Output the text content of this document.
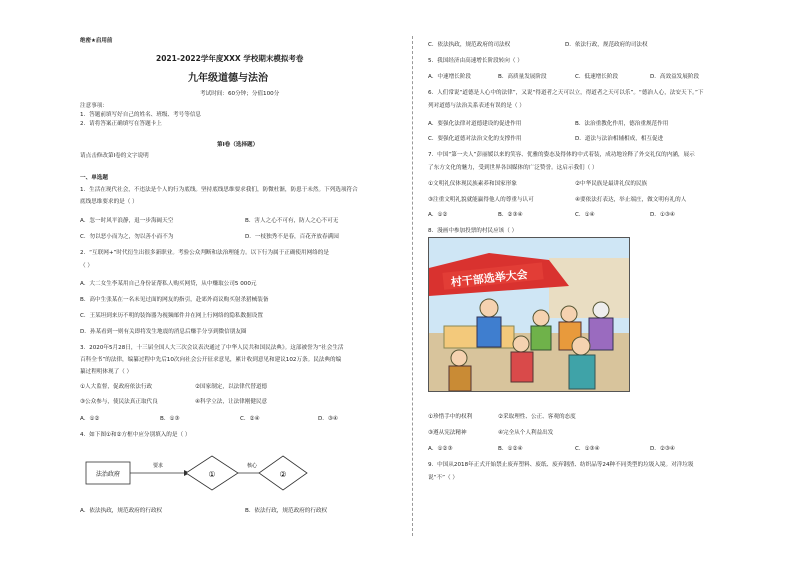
绝密★启用前
2021-2022学年度XXX 学校期末模拟考卷
九年级道德与法治
考试时间：60分钟；分值100分
注意事项：
1．答题前填写好自己的姓名、班级、考号等信息
2．请将答案正确填写在答题卡上
第I卷（选择题）
请点击修改第I卷的文字说明
一、单选题
1．生活在现代社会，不违法是个人的行为底线。坚持底线思维要求我们，防微杜渐，防患于未然。下列选项符合
底线思维要求的是（ ）
A．忽一时风平浪静，退一步海阔天空	B．害人之心不可有，防人之心不可无
C．勿以恶小而为之，勿以善小而不为	D．一枝独秀不是春，百花齐放春满园
2．“互联网+”时代衍生出很多新职业。考验公众判断和法治理能力。以下行为属于正确使用网络的是
（ ）
A．大二女生李某用自己身份证帮私人购买网贷，从中赚取公司5 000元
B．高中生张某在一名未见过面的网友的指引，赴郊外商议购买射杀猎械装备
C．王某坦到来历不明的装饰器为视频邮件并在网上行网络的隐私数据设置
D．孙某看到一则有关即将发生地震的消息后赚手分享到微信朋友圈
3．2020年5月28日，十三届全国人大三次会议表决通过了中华人民共和国民法典》。这部被誉为“社会生活
百科全书”的法律，编纂过程中先后10次向社会公开征求意见，累计收到意见和建议102万条。民法典的编
纂过程明体现了（ ）
①人大监督，促政府依法行政	②国家制定，以法律代替道德
③公众参与，使民法真正取代良	④科学立法，让法律刚健民意
A．①②	B．①③	C．②④	D．③④
4．如下图①和②方框中应分别填入的是（ ）
法治政府
要求
①
核心
②
A．依法执政，规范政府的行政权	B．依法行政，规范政府的行政权
C．依法执政，规范政府的司法权	D．依法行政，规范政府的司法权
5．我国经济由高速增长阶段转向（ ）
A．中速增长阶段	B．高质量发展阶段	C．低速增长阶段	D．高效益发展阶段
6．人们常说“道德是人心中的法律”，又说“得道者之天可以立，得道者之天可以乐”。“德治人心，法安天下。”下
列对道德与法治关系表述有误的是（ ）
A．要强化法律对道德建设的促进作用	B．法治重教化作用，德治重规范作用
C．要强化道德对法治文化的支撑作用	D．道法与法治相辅相成，相互促进
7．中国“第一夫人”彭丽媛以来的笑容、优雅的姿态及得体的中式着装，成功地诠释了外交礼仪的内涵，展示
了东方文化的魅力，受到世界各国媒体的广泛赞誉。这启示我们（ ）
①文明礼仪体现民族素养和国家形象	②中华民族是最讲礼仪的民族
③注重文明礼貌就能赢得他人的尊重与认可	④要依法打表达，举止端庄，做文明有礼的人
A．①②	B．②③④	C．①④	D．①③④
8．漫画中参加投票的村民应该（ ）
村干部选举大会
①珍惜手中的权利	②采取理性、公正、客观的态度
③遵从宪法精神	④完全从个人利益出发
A．①②③	B．①②④	C．①③④	D．②③④
9．中国从2018年正式开始禁止废弃塑料、废纸、废弃钢渣、纺织品等24种不同类型的垃圾入境。对洋垃圾
说“不”（ ）
